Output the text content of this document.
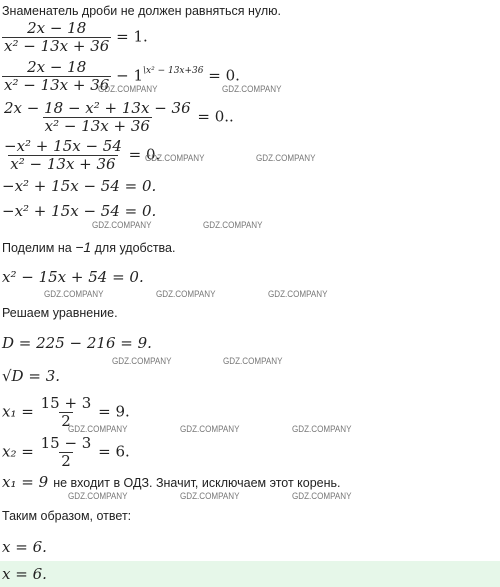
Знаменатель дроби не должен равняться нулю.
$\frac{2x - 18}{\text{x² − 13x + 36}} = 1$.
$\frac{2x - 18}{\text{x² − 13x + 36}} - 1^{\backslash x^2 - 13x+36} = 0$.
$\frac{\text{2x − 18 − x² + 13x − 36}}{\text{x² − 13x + 36}} = 0$..
$\frac{\text{−x² + 15x − 54}}{\text{x² − 13x + 36}} = 0$.
−x² + 15x − 54 = 0.
−x² + 15x − 54 = 0.
Поделим на −1 для удобства.
x² − 15x + 54 = 0.
Решаем уравнение.
D = 225 − 216 = 9.
√D = 3.
$x_1 = \frac{15 + 3}{2} = 9$.
$x_2 = \frac{15 - 3}{2} = 6$.
x₁ = 9 не входит в ОДЗ. Значит, исключаем этот корень.
Таким образом, ответ:
x = 6.
x = 6.
GDZ.COMPANY	GDZ.COMPANY
GDZ.COMPANY	GDZ.COMPANY
GDZ.COMPANY	GDZ.COMPANY
GDZ.COMPANY	GDZ.COMPANY	GDZ.COMPANY
GDZ.COMPANY	GDZ.COMPANY
GDZ.COMPANY	GDZ.COMPANY	GDZ.COMPANY
GDZ.COMPANY	GDZ.COMPANY	GDZ.COMPANY
